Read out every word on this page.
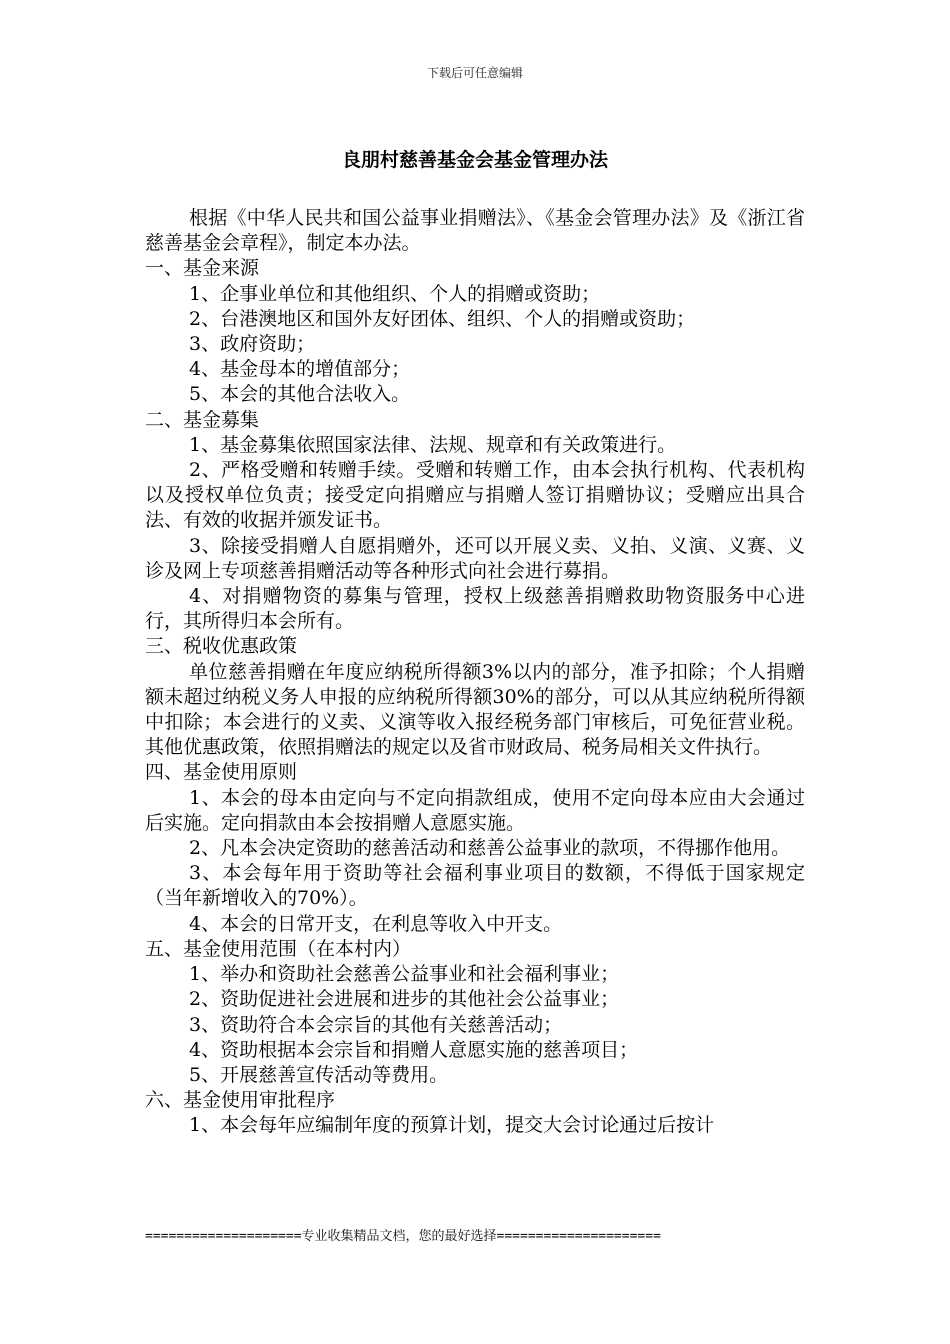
下载后可任意编辑
良朋村慈善基金会基金管理办法

根据《中华人民共和国公益事业捐赠法》、《基金会管理办法》及《浙江省慈善基金会章程》，制定本办法。

一、基金来源

1、企事业单位和其他组织、个人的捐赠或资助；

2、台港澳地区和国外友好团体、组织、个人的捐赠或资助；

3、政府资助；

4、基金母本的增值部分；

5、本会的其他合法收入。

二、基金募集

1、基金募集依照国家法律、法规、规章和有关政策进行。

2、严格受赠和转赠手续。受赠和转赠工作，由本会执行机构、代表机构以及授权单位负责；接受定向捐赠应与捐赠人签订捐赠协议；受赠应出具合法、有效的收据并颁发证书。

3、除接受捐赠人自愿捐赠外，还可以开展义卖、义拍、义演、义赛、义诊及网上专项慈善捐赠活动等各种形式向社会进行募捐。

4、对捐赠物资的募集与管理，授权上级慈善捐赠救助物资服务中心进行，其所得归本会所有。

三、税收优惠政策

单位慈善捐赠在年度应纳税所得额3%以内的部分，准予扣除；个人捐赠额未超过纳税义务人申报的应纳税所得额30%的部分，可以从其应纳税所得额中扣除；本会进行的义卖、义演等收入报经税务部门审核后，可免征营业税。其他优惠政策，依照捐赠法的规定以及省市财政局、税务局相关文件执行。

四、基金使用原则

1、本会的母本由定向与不定向捐款组成，使用不定向母本应由大会通过后实施。定向捐款由本会按捐赠人意愿实施。

2、凡本会决定资助的慈善活动和慈善公益事业的款项，不得挪作他用。

3、本会每年用于资助等社会福利事业项目的数额，不得低于国家规定（当年新增收入的70%）。

4、本会的日常开支，在利息等收入中开支。

五、基金使用范围（在本村内）

1、举办和资助社会慈善公益事业和社会福利事业；

2、资助促进社会进展和进步的其他社会公益事业；

3、资助符合本会宗旨的其他有关慈善活动；

4、资助根据本会宗旨和捐赠人意愿实施的慈善项目；

5、开展慈善宣传活动等费用。

六、基金使用审批程序

1、本会每年应编制年度的预算计划，提交大会讨论通过后按计

====================专业收集精品文档，您的最好选择=====================
